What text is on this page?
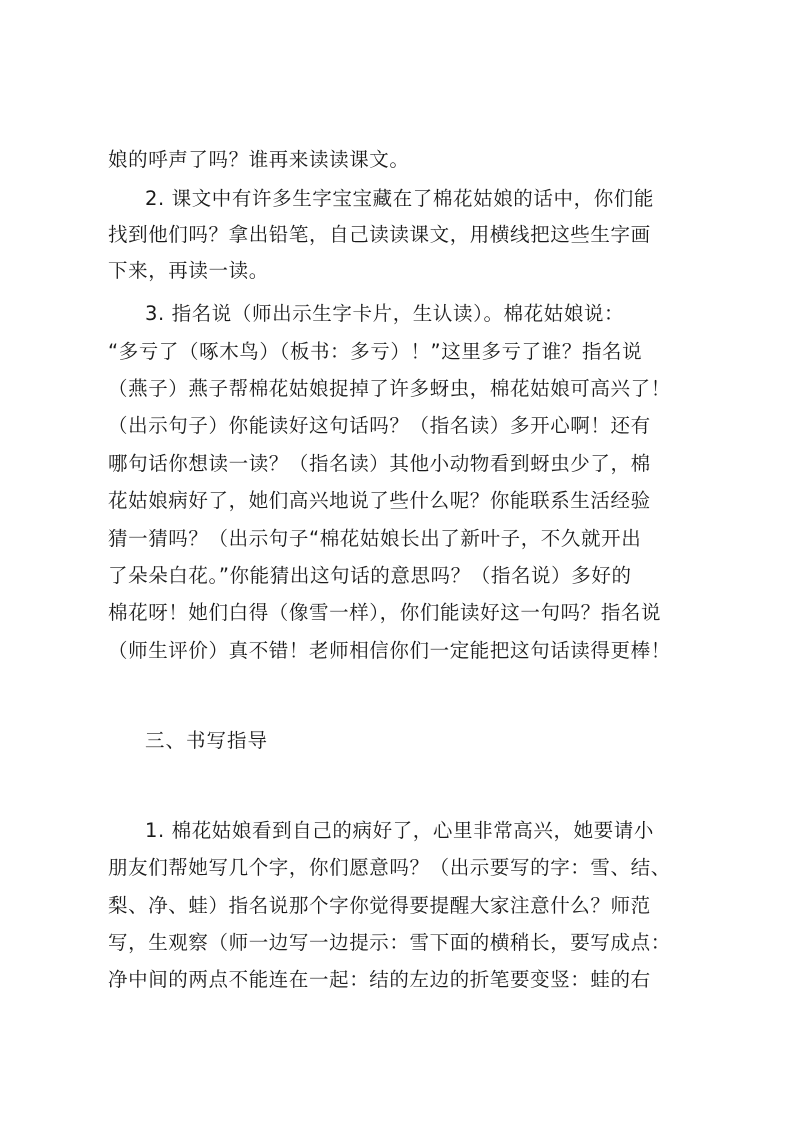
娘的呼声了吗？谁再来读读课文。
2. 课文中有许多生字宝宝藏在了棉花姑娘的话中，你们能
找到他们吗？拿出铅笔，自己读读课文，用横线把这些生字画
下来，再读一读。
3. 指名说（师出示生字卡片，生认读）。棉花姑娘说：
“多亏了（啄木鸟）（板书：多亏）！”这里多亏了谁？指名说
（燕子）燕子帮棉花姑娘捉掉了许多蚜虫，棉花姑娘可高兴了！
（出示句子）你能读好这句话吗？（指名读）多开心啊！还有
哪句话你想读一读？（指名读）其他小动物看到蚜虫少了，棉
花姑娘病好了，她们高兴地说了些什么呢？你能联系生活经验
猜一猜吗？（出示句子“棉花姑娘长出了新叶子，不久就开出
了朵朵白花。”你能猜出这句话的意思吗？（指名说）多好的
棉花呀！她们白得（像雪一样），你们能读好这一句吗？指名说
（师生评价）真不错！老师相信你们一定能把这句话读得更棒！
三、书写指导
1. 棉花姑娘看到自己的病好了，心里非常高兴，她要请小
朋友们帮她写几个字，你们愿意吗？（出示要写的字：雪、结、
梨、净、蛙）指名说那个字你觉得要提醒大家注意什么？师范
写，生观察（师一边写一边提示：雪下面的横稍长，要写成点：
净中间的两点不能连在一起：结的左边的折笔要变竖：蛙的右
